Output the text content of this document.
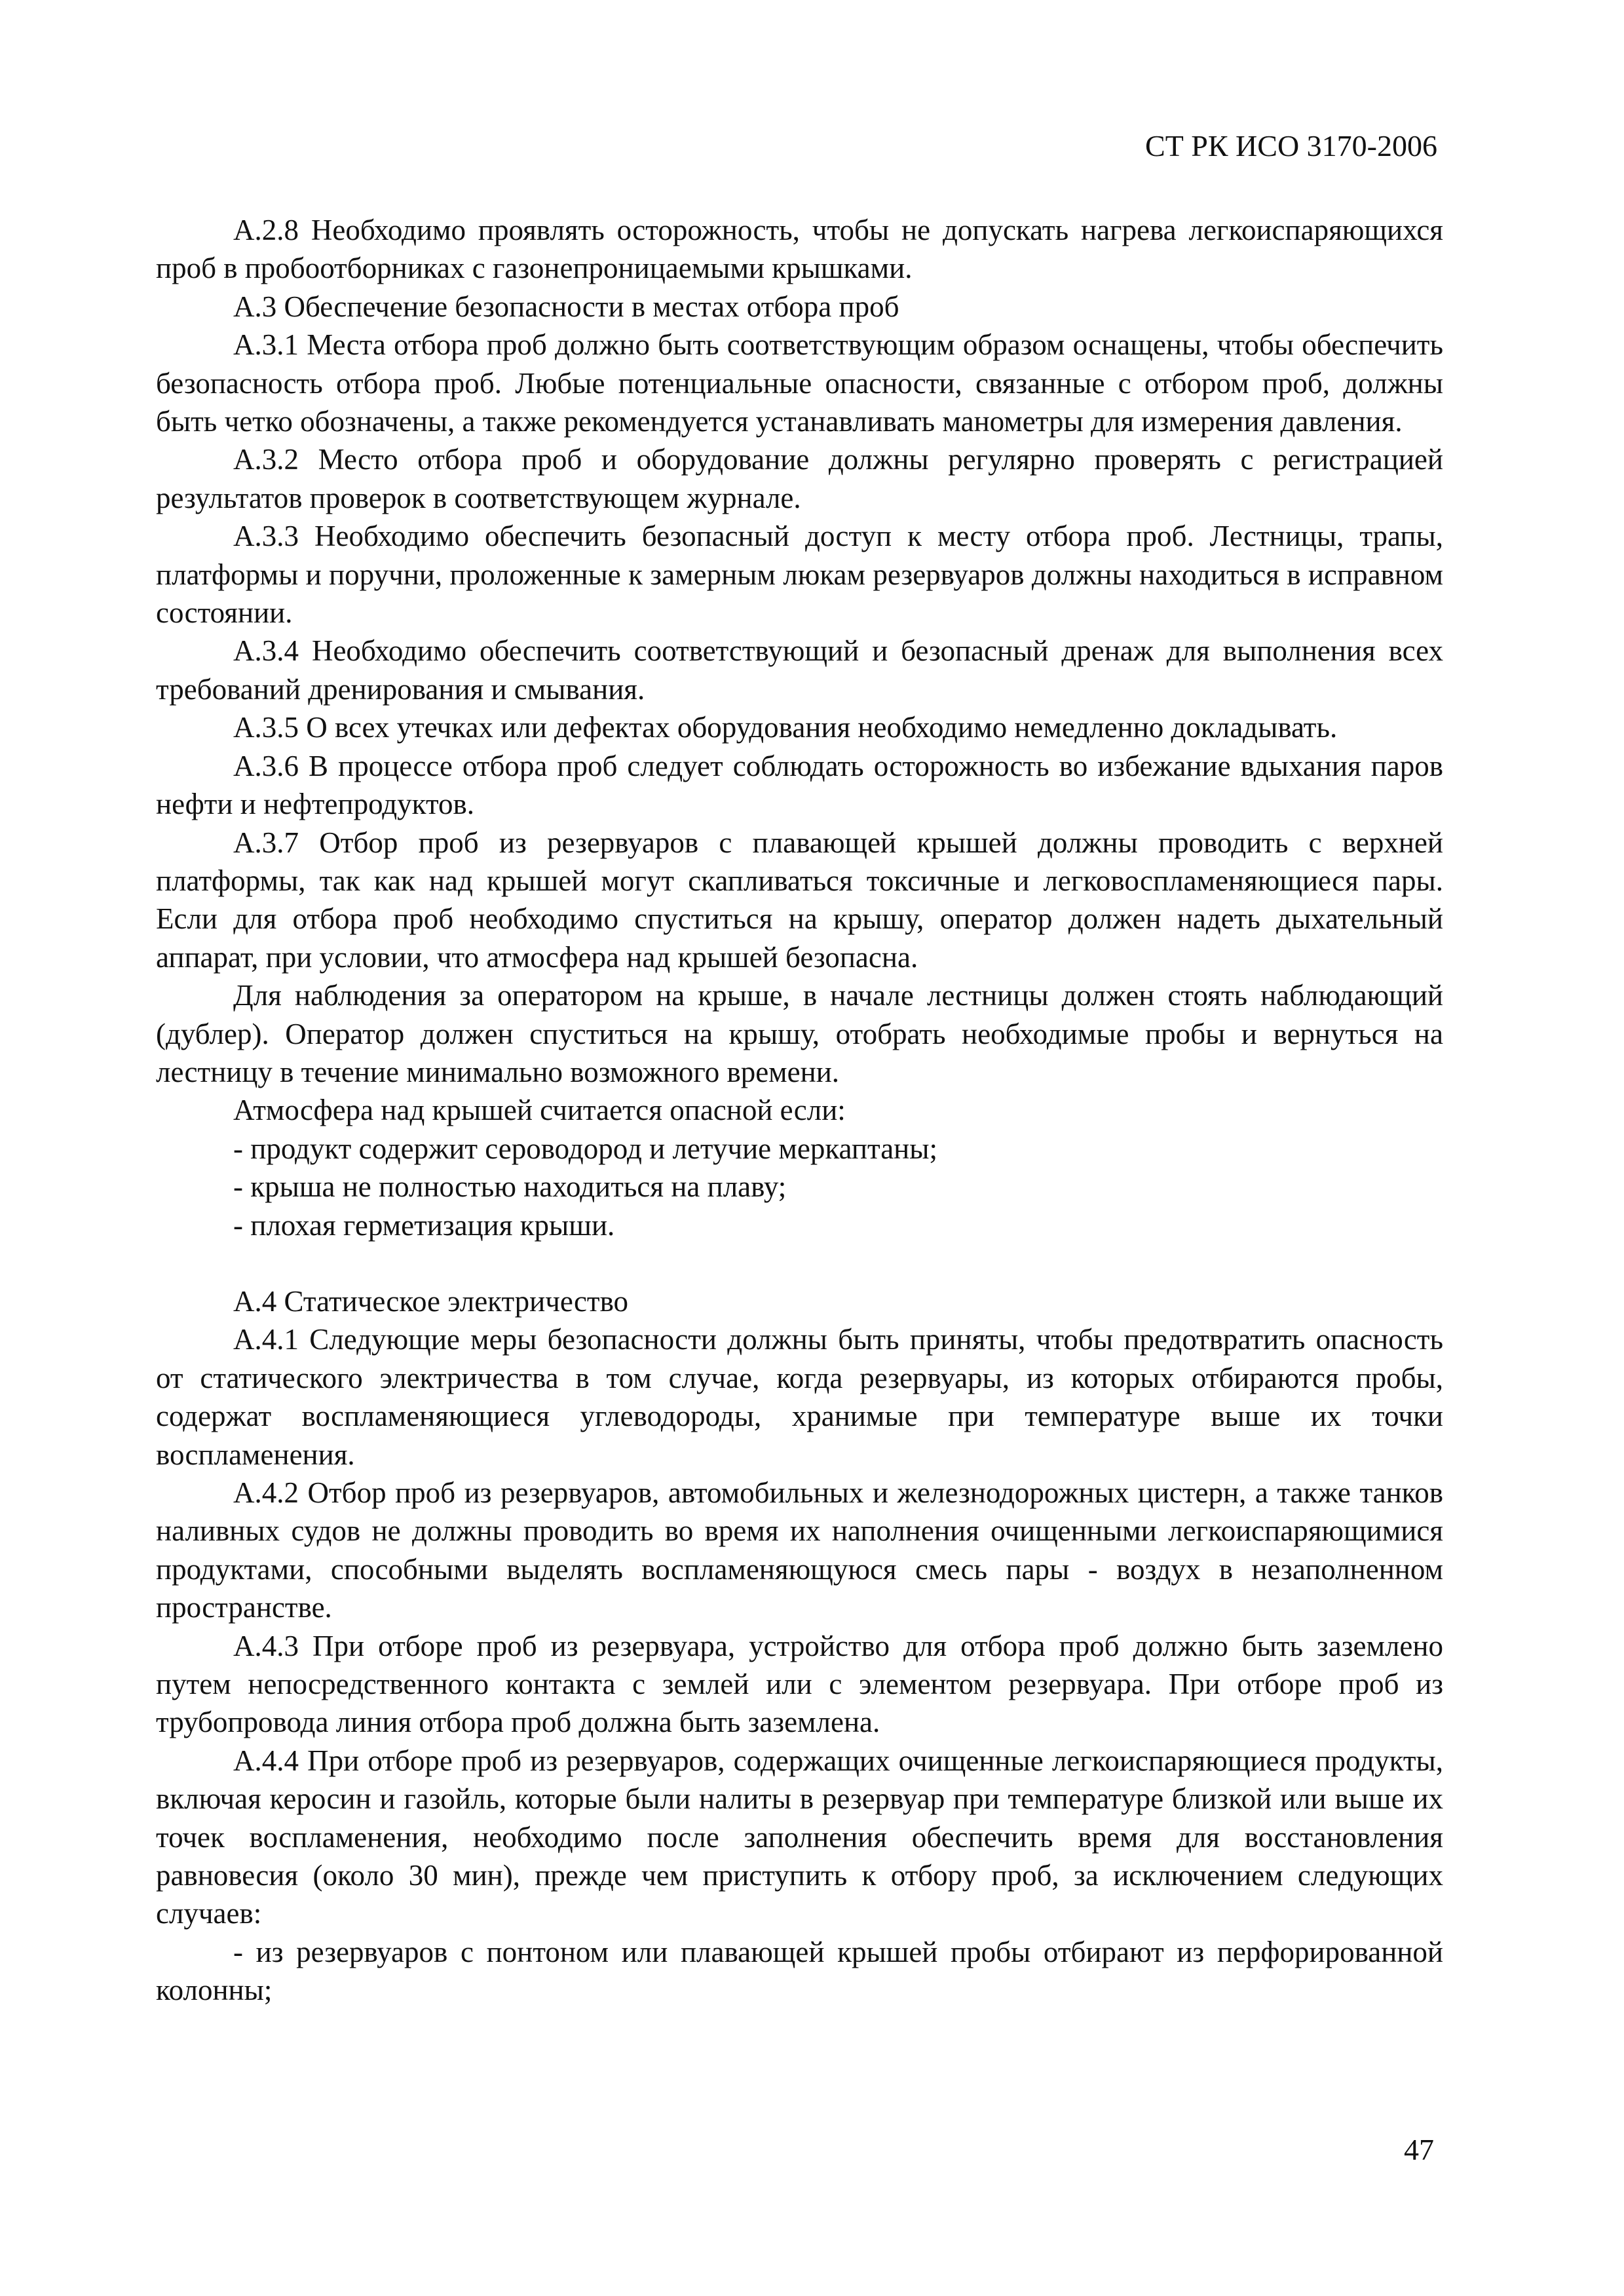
СТ РК ИСО 3170-2006

А.2.8 Необходимо проявлять осторожность, чтобы не допускать нагрева легкоиспаряющихся проб в пробоотборниках с газонепроницаемыми крышками.

А.3 Обеспечение безопасности в местах отбора проб

А.3.1 Места отбора проб должно быть соответствующим образом оснащены, чтобы обеспечить безопасность отбора проб. Любые потенциальные опасности, связанные с отбором проб, должны быть четко обозначены, а также рекомендуется устанавливать манометры для измерения давления.

А.3.2 Место отбора проб и оборудование должны регулярно проверять с регистрацией результатов проверок в соответствующем журнале.

А.3.3 Необходимо обеспечить безопасный доступ к месту отбора проб. Лестницы, трапы, платформы и поручни, проложенные к замерным люкам резервуаров должны находиться в исправном состоянии.

А.3.4 Необходимо обеспечить соответствующий и безопасный дренаж для выполнения всех требований дренирования и смывания.

А.3.5 О всех утечках или дефектах оборудования необходимо немедленно докладывать.

А.3.6 В процессе отбора проб следует соблюдать осторожность во избежание вдыхания паров нефти и нефтепродуктов.

А.3.7 Отбор проб из резервуаров с плавающей крышей должны проводить с верхней платформы, так как над крышей могут скапливаться токсичные и легковоспламеняющиеся пары. Если для отбора проб необходимо спуститься на крышу, оператор должен надеть дыхательный аппарат, при условии, что атмосфера над крышей безопасна.

Для наблюдения за оператором на крыше, в начале лестницы должен стоять наблюдающий (дублер). Оператор должен спуститься на крышу, отобрать необходимые пробы и вернуться на лестницу в течение минимально возможного времени.

Атмосфера над крышей считается опасной если:

- продукт содержит сероводород и летучие меркаптаны;

- крыша не полностью находиться на плаву;

- плохая герметизация крыши.

А.4 Статическое электричество

А.4.1 Следующие меры безопасности должны быть приняты, чтобы предотвратить опасность от статического электричества в том случае, когда резервуары, из которых отбираются пробы, содержат воспламеняющиеся углеводороды, хранимые при температуре выше их точки воспламенения.

А.4.2 Отбор проб из резервуаров, автомобильных и железнодорожных цистерн, а также танков наливных судов не должны проводить во время их наполнения очищенными легкоиспаряющимися продуктами, способными выделять воспламеняющуюся смесь пары - воздух в незаполненном пространстве.

А.4.3 При отборе проб из резервуара, устройство для отбора проб должно быть заземлено путем непосредственного контакта с землей или с элементом резервуара. При отборе проб из трубопровода линия отбора проб должна быть заземлена.

А.4.4 При отборе проб из резервуаров, содержащих очищенные легкоиспаряющиеся продукты, включая керосин и газойль, которые были налиты в резервуар при температуре близкой или выше их точек воспламенения, необходимо после заполнения обеспечить время для восстановления равновесия (около 30 мин), прежде чем приступить к отбору проб, за исключением следующих случаев:

- из резервуаров с понтоном или плавающей крышей пробы отбирают из перфорированной колонны;

47
